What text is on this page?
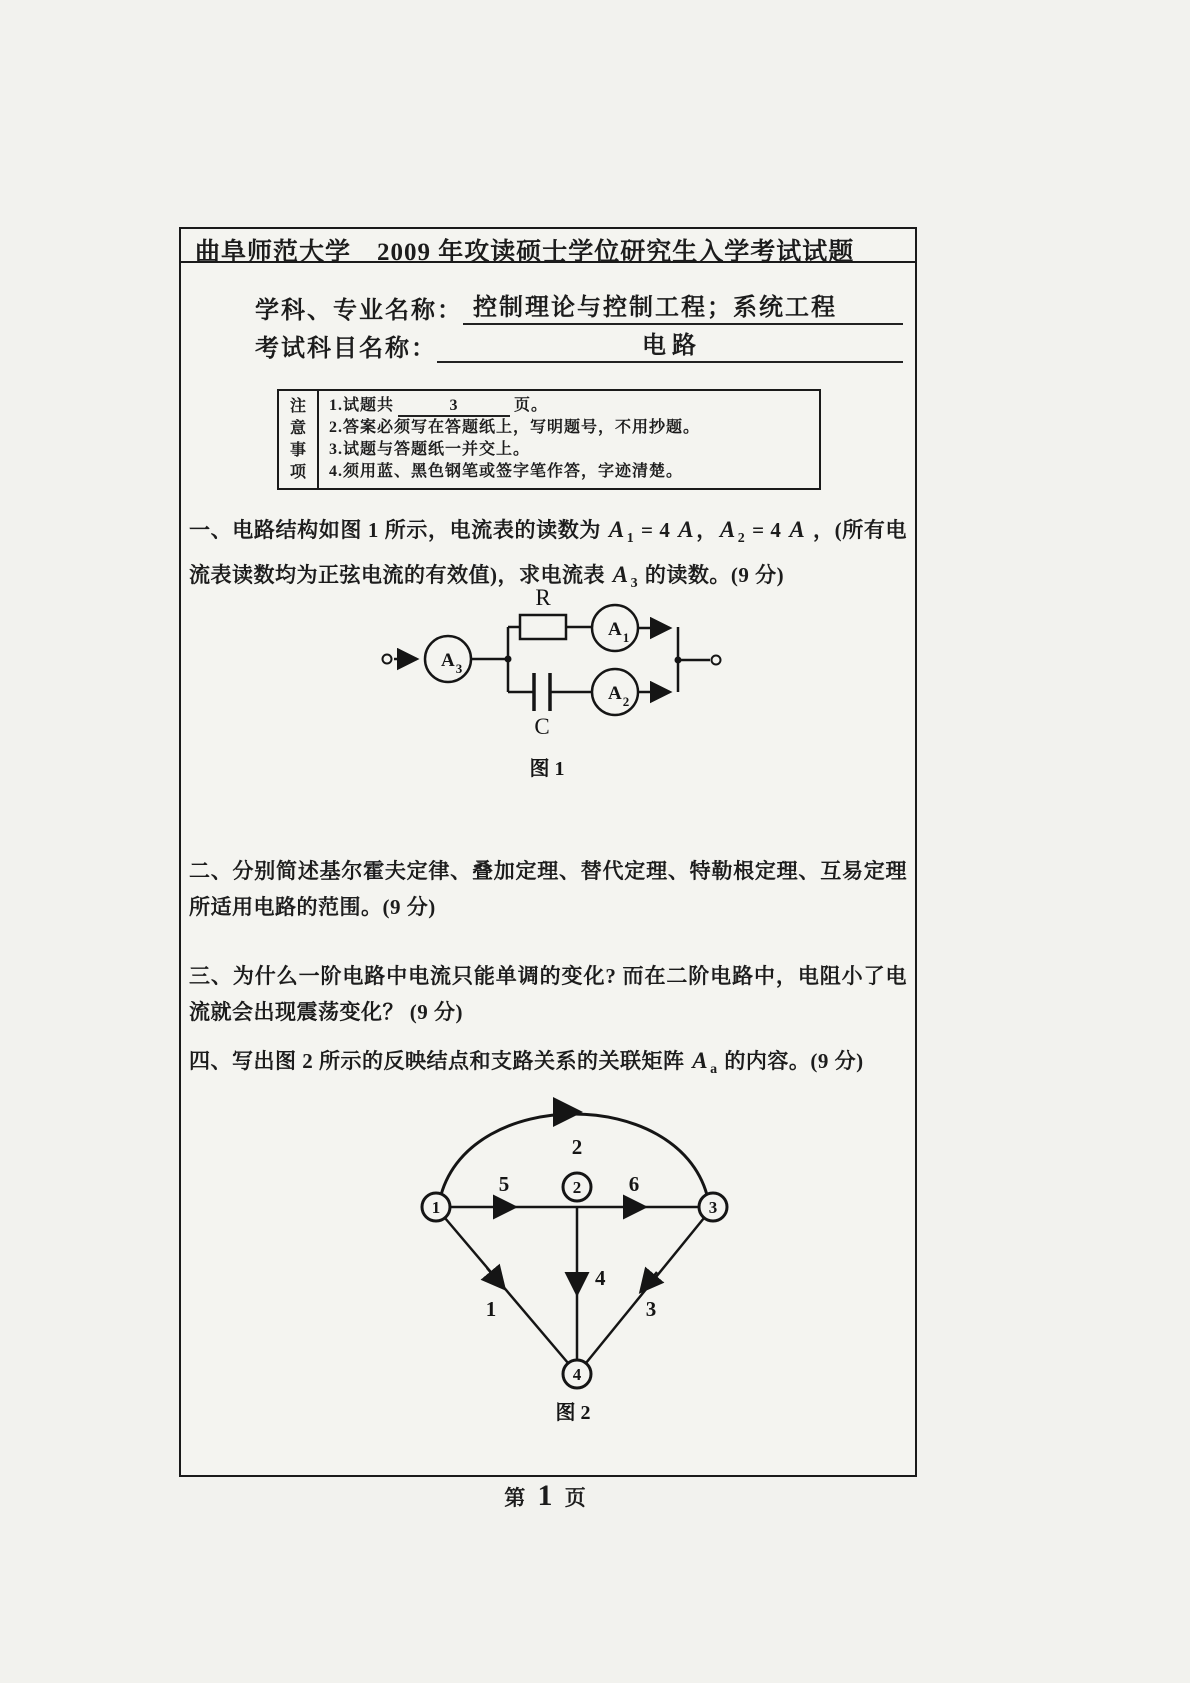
曲阜师范大学　2009 年攻读硕士学位研究生入学考试试题
学科、专业名称： 控制理论与控制工程；系统工程
考试科目名称：	电路
注
意
事
项
1.试题共	3	页。
2.答案必须写在答题纸上，写明题号，不用抄题。
3.试题与答题纸一并交上。
4.须用蓝、黑色钢笔或签字笔作答，字迹清楚。
一、电路结构如图 1 所示，电流表的读数为 A $_1$ = 4 A，A $_2$ = 4 A ，(所有电流表读数均为正弦电流的有效值)，求电流表 A $_3$ 的读数。(9 分)
$A_3$
$A_1$
$A_2$
R
C
图 1
二、分别简述基尔霍夫定律、叠加定理、替代定理、特勒根定理、互易定理所适用电路的范围。(9 分)
三、为什么一阶电路中电流只能单调的变化? 而在二阶电路中，电阻小了电流就会出现震荡变化？ (9 分)
四、写出图 2 所示的反映结点和支路关系的关联矩阵 A $_a$ 的内容。(9 分)
1
2
3
4
2
5	6
4
1	3
图 2
第 1 页
